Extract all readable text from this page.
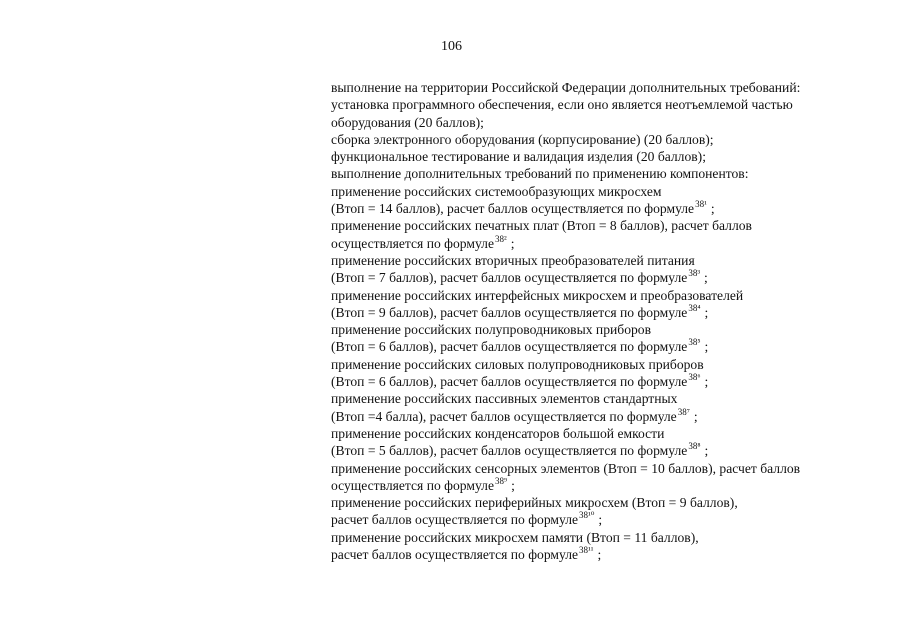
106
выполнение на территории Российской Федерации дополнительных требований:
установка программного обеспечения, если оно является неотъемлемой частью
оборудования (20 баллов);
сборка электронного оборудования (корпусирование) (20 баллов);
функциональное тестирование и валидация изделия (20 баллов);
выполнение дополнительных требований по применению компонентов:
применение российских системообразующих микросхем
(Втоп = 14 баллов), расчет баллов осуществляется по формуле$^{38^1}$ ;
применение российских печатных плат (Втоп = 8 баллов), расчет баллов
осуществляется по формуле$^{38^2}$ ;
применение российских вторичных преобразователей питания
(Втоп = 7 баллов), расчет баллов осуществляется по формуле$^{38^3}$ ;
применение российских интерфейсных микросхем и преобразователей
(Втоп = 9 баллов), расчет баллов осуществляется по формуле$^{38^4}$ ;
применение российских полупроводниковых приборов
(Втоп = 6 баллов), расчет баллов осуществляется по формуле$^{38^5}$ ;
применение российских силовых полупроводниковых приборов
(Втоп = 6 баллов), расчет баллов осуществляется по формуле$^{38^6}$ ;
применение российских пассивных элементов стандартных
(Втоп =4 балла), расчет баллов осуществляется по формуле$^{38^7}$ ;
применение российских конденсаторов большой емкости
(Втоп = 5 баллов), расчет баллов осуществляется по формуле$^{38^8}$ ;
применение российских сенсорных элементов (Втоп = 10 баллов), расчет баллов
осуществляется по формуле$^{38^9}$ ;
применение российских периферийных микросхем (Втоп = 9 баллов),
расчет баллов осуществляется по формуле$^{38^{10}}$ ;
применение российских микросхем памяти (Втоп = 11 баллов),
расчет баллов осуществляется по формуле$^{38^{11}}$ ;
